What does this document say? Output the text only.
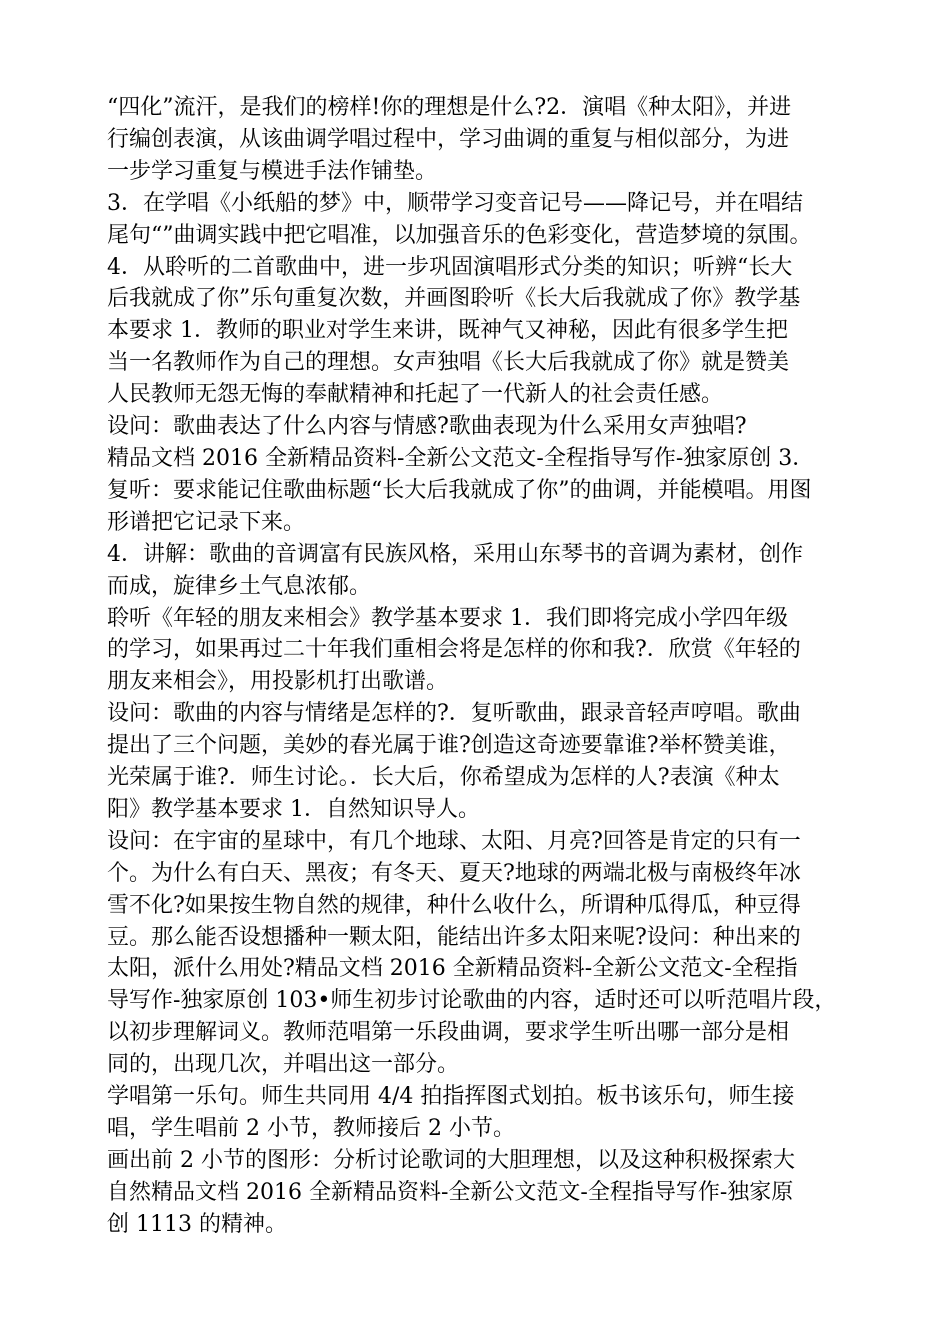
“四化”流汗，是我们的榜样!你的理想是什么?2．演唱《种太阳》，并进
行编创表演，从该曲调学唱过程中，学习曲调的重复与相似部分，为进
一步学习重复与模进手法作铺垫。

3．在学唱《小纸船的梦》中，顺带学习变音记号——降记号，并在唱结
尾句“”曲调实践中把它唱准，以加强音乐的色彩变化，营造梦境的氛围。

4．从聆听的二首歌曲中，进一步巩固演唱形式分类的知识；听辨“长大
后我就成了你”乐句重复次数，并画图聆听《长大后我就成了你》教学基
本要求 1．教师的职业对学生来讲，既神气又神秘，因此有很多学生把
当一名教师作为自己的理想。女声独唱《长大后我就成了你》就是赞美
人民教师无怨无悔的奉献精神和托起了一代新人的社会责任感。

设问：歌曲表达了什么内容与情感?歌曲表现为什么采用女声独唱?

精品文档 2016 全新精品资料-全新公文范文-全程指导写作-独家原创 3．
复听：要求能记住歌曲标题“长大后我就成了你”的曲调，并能模唱。用图
形谱把它记录下来。

4．讲解：歌曲的音调富有民族风格，采用山东琴书的音调为素材，创作
而成，旋律乡土气息浓郁。

聆听《年轻的朋友来相会》教学基本要求 1．我们即将完成小学四年级
的学习，如果再过二十年我们重相会将是怎样的你和我?．欣赏《年轻的
朋友来相会》，用投影机打出歌谱。

设问：歌曲的内容与情绪是怎样的?．复听歌曲，跟录音轻声哼唱。歌曲
提出了三个问题，美妙的春光属于谁?创造这奇迹要靠谁?举杯赞美谁，
光荣属于谁?．师生讨论。．长大后，你希望成为怎样的人?表演《种太
阳》教学基本要求 1．自然知识导人。

设问：在宇宙的星球中，有几个地球、太阳、月亮?回答是肯定的只有一
个。为什么有白天、黑夜；有冬天、夏天?地球的两端北极与南极终年冰
雪不化?如果按生物自然的规律，种什么收什么，所谓种瓜得瓜，种豆得
豆。那么能否设想播种一颗太阳，能结出许多太阳来呢?设问：种出来的
太阳，派什么用处?精品文档 2016 全新精品资料-全新公文范文-全程指
导写作-独家原创 103•师生初步讨论歌曲的内容，适时还可以听范唱片段，
以初步理解词义。教师范唱第一乐段曲调，要求学生听出哪一部分是相
同的，出现几次，并唱出这一部分。

学唱第一乐句。师生共同用 4/4 拍指挥图式划拍。板书该乐句，师生接
唱，学生唱前 2 小节，教师接后 2 小节。

画出前 2 小节的图形：分析讨论歌词的大胆理想，以及这种积极探索大
自然精品文档 2016 全新精品资料-全新公文范文-全程指导写作-独家原
创 1113 的精神。
